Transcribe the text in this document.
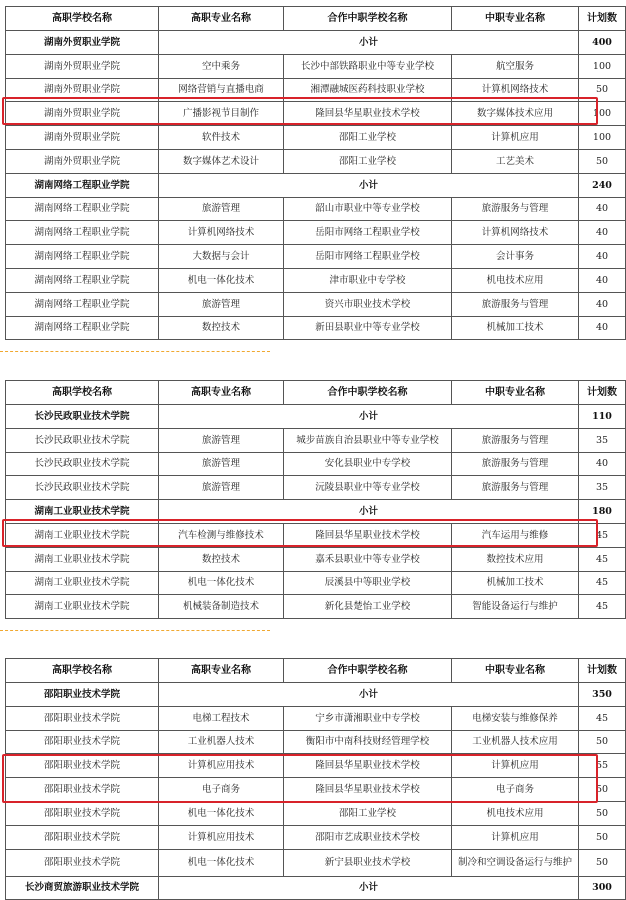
高职学校名称	高职专业名称	合作中职学校名称	中职专业名称	计划数
湖南外贸职业学院	小计			400
湖南外贸职业学院	空中乘务	长沙中部铁路职业中等专业学校	航空服务	100
湖南外贸职业学院	网络营销与直播电商	湘潭融城医药科技职业学校	计算机网络技术	50
湖南外贸职业学院	广播影视节目制作	隆回县华星职业技术学校	数字媒体技术应用	100
湖南外贸职业学院	软件技术	邵阳工业学校	计算机应用	100
湖南外贸职业学院	数字媒体艺术设计	邵阳工业学校	工艺美术	50
湖南网络工程职业学院	小计			240
湖南网络工程职业学院	旅游管理	韶山市职业中等专业学校	旅游服务与管理	40
湖南网络工程职业学院	计算机网络技术	岳阳市网络工程职业学校	计算机网络技术	40
湖南网络工程职业学院	大数据与会计	岳阳市网络工程职业学校	会计事务	40
湖南网络工程职业学院	机电一体化技术	津市职业中专学校	机电技术应用	40
湖南网络工程职业学院	旅游管理	资兴市职业技术学校	旅游服务与管理	40
湖南网络工程职业学院	数控技术	新田县职业中等专业学校	机械加工技术	40
高职学校名称	高职专业名称	合作中职学校名称	中职专业名称	计划数
长沙民政职业技术学院	小计			110
长沙民政职业技术学院	旅游管理	城步苗族自治县职业中等专业学校	旅游服务与管理	35
长沙民政职业技术学院	旅游管理	安化县职业中专学校	旅游服务与管理	40
长沙民政职业技术学院	旅游管理	沅陵县职业中等专业学校	旅游服务与管理	35
湖南工业职业技术学院	小计			180
湖南工业职业技术学院	汽车检测与维修技术	隆回县华星职业技术学校	汽车运用与维修	45
湖南工业职业技术学院	数控技术	嘉禾县职业中等专业学校	数控技术应用	45
湖南工业职业技术学院	机电一体化技术	辰溪县中等职业学校	机械加工技术	45
湖南工业职业技术学院	机械装备制造技术	新化县楚怡工业学校	智能设备运行与维护	45
高职学校名称	高职专业名称	合作中职学校名称	中职专业名称	计划数
邵阳职业技术学院	小计			350
邵阳职业技术学院	电梯工程技术	宁乡市潇湘职业中专学校	电梯安装与维修保养	45
邵阳职业技术学院	工业机器人技术	衡阳市中南科技财经管理学校	工业机器人技术应用	50
邵阳职业技术学院	计算机应用技术	隆回县华星职业技术学校	计算机应用	55
邵阳职业技术学院	电子商务	隆回县华星职业技术学校	电子商务	50
邵阳职业技术学院	机电一体化技术	邵阳工业学校	机电技术应用	50
邵阳职业技术学院	计算机应用技术	邵阳市艺成职业技术学校	计算机应用	50
邵阳职业技术学院	机电一体化技术	新宁县职业技术学校	制冷和空调设备运行与维护	50
长沙商贸旅游职业技术学院	小计			300
